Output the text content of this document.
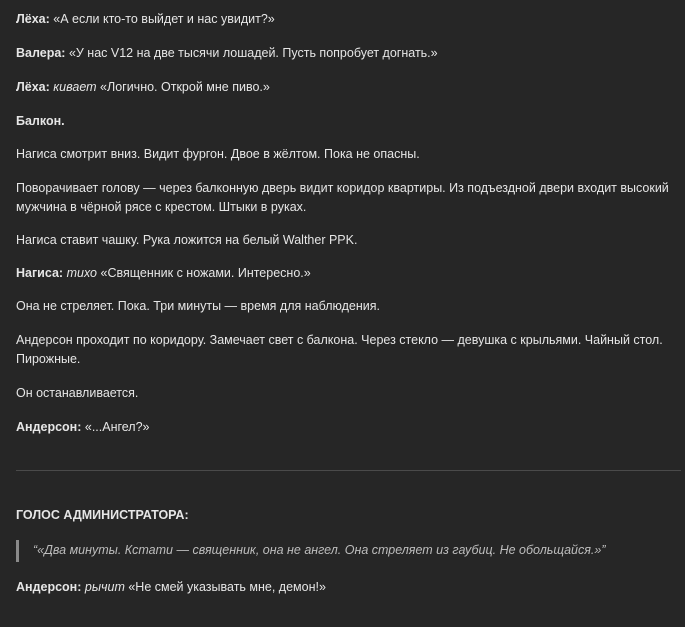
Лёха: «А если кто-то выйдет и нас увидит?»

Валера: «У нас V12 на две тысячи лошадей. Пусть попробует догнать.»

Лёха: кивает «Логично. Открой мне пиво.»

Балкон.

Нагиса смотрит вниз. Видит фургон. Двое в жёлтом. Пока не опасны.

Поворачивает голову — через балконную дверь видит коридор квартиры. Из подъездной двери входит высокий мужчина в чёрной рясе с крестом. Штыки в руках.

Нагиса ставит чашку. Рука ложится на белый Walther PPK.

Нагиса: тихо «Священник с ножами. Интересно.»

Она не стреляет. Пока. Три минуты — время для наблюдения.

Андерсон проходит по коридору. Замечает свет с балкона. Через стекло — девушка с крыльями. Чайный стол. Пирожные.

Он останавливается.

Андерсон: «...Ангел?»

ГОЛОС АДМИНИСТРАТОРА:

“«Два минуты. Кстати — священник, она не ангел. Она стреляет из гаубиц. Не обольщайся.»”

Андерсон: рычит «Не смей указывать мне, демон!»
